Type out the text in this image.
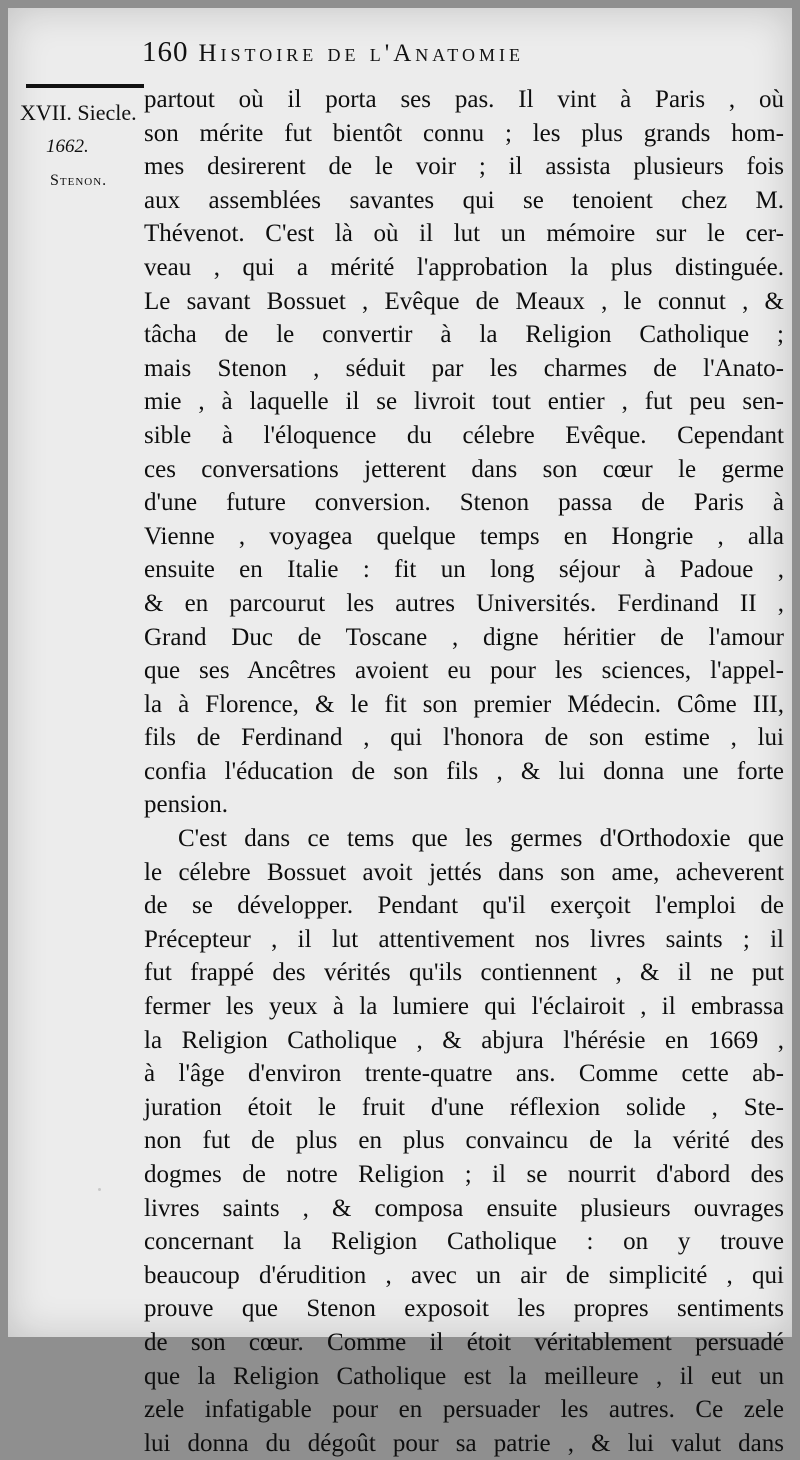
160 Histoire de l'Anatomie
XVII. Siecle.
1662.
Stenon.
partout où il porta ses pas. Il vint à Paris , où
son mérite fut bientôt connu ; les plus grands hom-
mes desirerent de le voir ; il assista plusieurs fois
aux assemblées savantes qui se tenoient chez M.
Thévenot. C'est là où il lut un mémoire sur le cer-
veau , qui a mérité l'approbation la plus distinguée.
Le savant Bossuet , Evêque de Meaux , le connut , &
tâcha de le convertir à la Religion Catholique ;
mais Stenon , séduit par les charmes de l'Anato-
mie , à laquelle il se livroit tout entier , fut peu sen-
sible à l'éloquence du célebre Evêque. Cependant
ces conversations jetterent dans son cœur le germe
d'une future conversion. Stenon passa de Paris à
Vienne , voyagea quelque temps en Hongrie , alla
ensuite en Italie : fit un long séjour à Padoue ,
& en parcourut les autres Universités. Ferdinand II ,
Grand Duc de Toscane , digne héritier de l'amour
que ses Ancêtres avoient eu pour les sciences, l'appel-
la à Florence, & le fit son premier Médecin. Côme III,
fils de Ferdinand , qui l'honora de son estime , lui
confia l'éducation de son fils , & lui donna une forte
pension.
C'est dans ce tems que les germes d'Orthodoxie que
le célebre Bossuet avoit jettés dans son ame, acheverent
de se développer. Pendant qu'il exerçoit l'emploi de
Précepteur , il lut attentivement nos livres saints ; il
fut frappé des vérités qu'ils contiennent , & il ne put
fermer les yeux à la lumiere qui l'éclairoit , il embrassa
la Religion Catholique , & abjura l'hérésie en 1669 ,
à l'âge d'environ trente-quatre ans. Comme cette ab-
juration étoit le fruit d'une réflexion solide , Ste-
non fut de plus en plus convaincu de la vérité des
dogmes de notre Religion ; il se nourrit d'abord des
livres saints , & composa ensuite plusieurs ouvrages
concernant la Religion Catholique : on y trouve
beaucoup d'érudition , avec un air de simplicité , qui
prouve que Stenon exposoit les propres sentiments
de son cœur. Comme il étoit véritablement persuadé
que la Religion Catholique est la meilleure , il eut un
zele infatigable pour en persuader les autres. Ce zele
lui donna du dégoût pour sa patrie , & lui valut dans
